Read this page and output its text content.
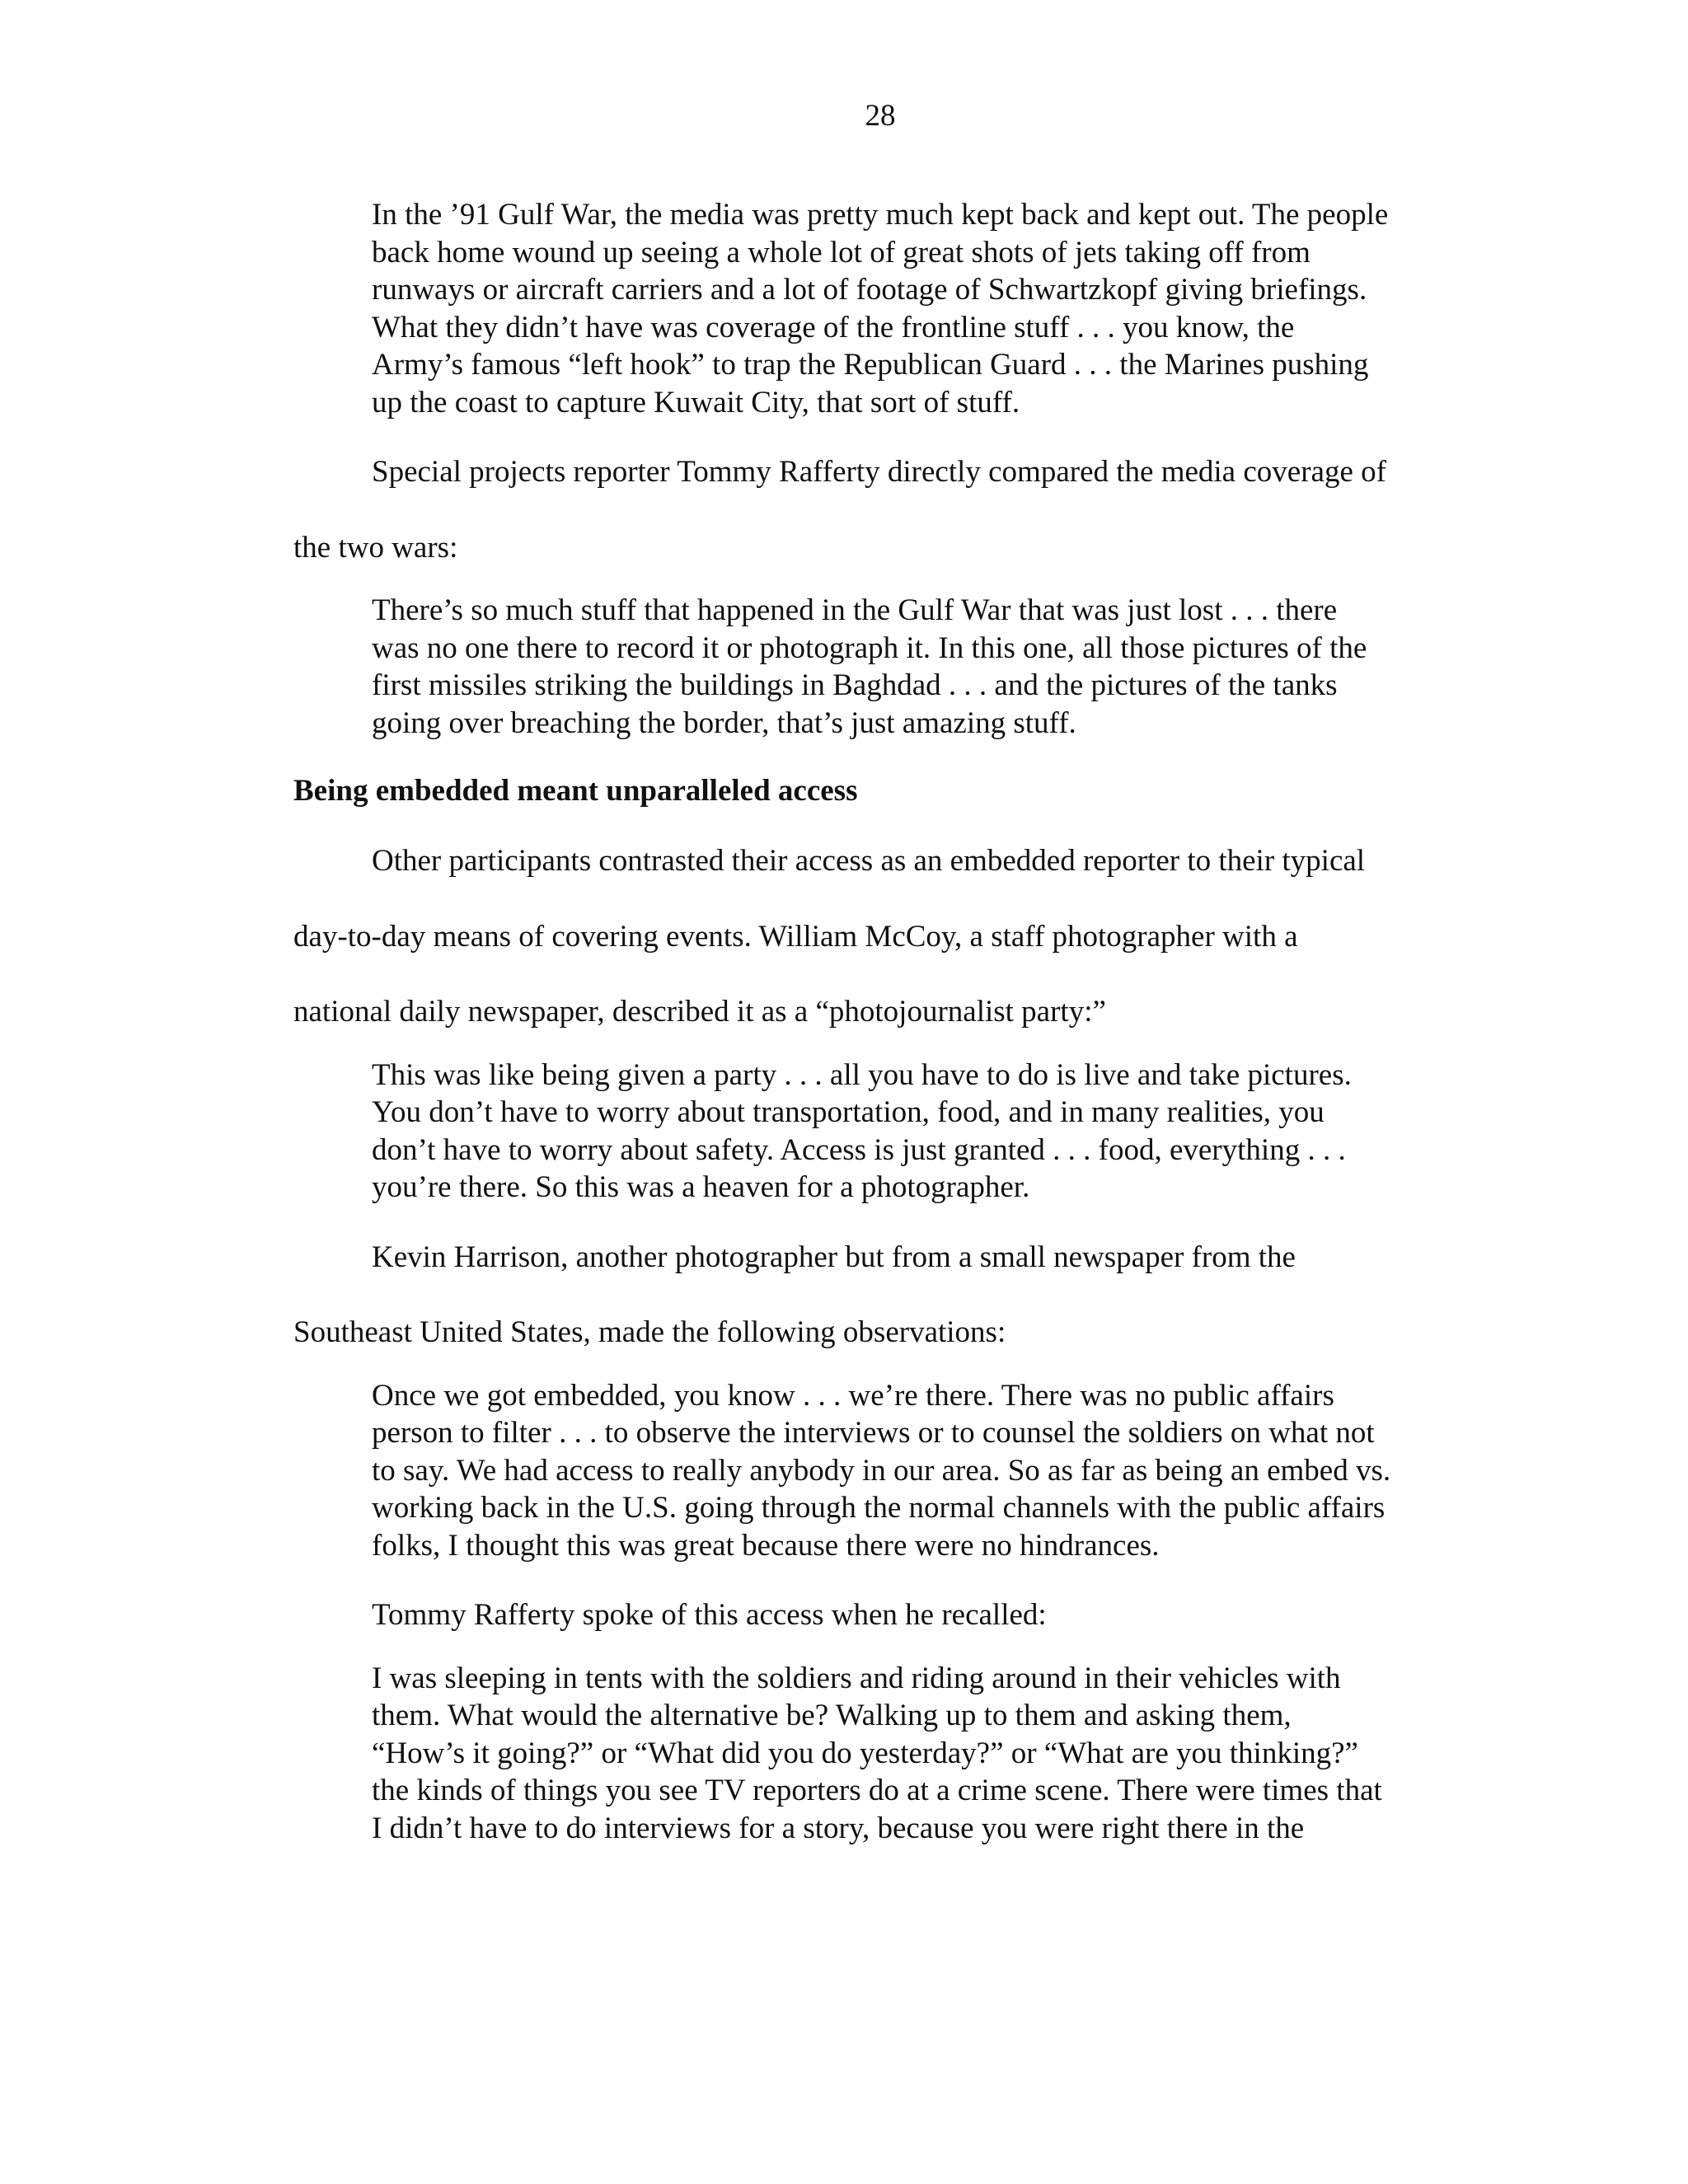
28
In the ’91 Gulf War, the media was pretty much kept back and kept out. The people
back home wound up seeing a whole lot of great shots of jets taking off from
runways or aircraft carriers and a lot of footage of Schwartzkopf giving briefings.
What they didn’t have was coverage of the frontline stuff . . . you know, the
Army’s famous “left hook” to trap the Republican Guard . . . the Marines pushing
up the coast to capture Kuwait City, that sort of stuff.
Special projects reporter Tommy Rafferty directly compared the media coverage of
the two wars:
There’s so much stuff that happened in the Gulf War that was just lost . . . there
was no one there to record it or photograph it. In this one, all those pictures of the
first missiles striking the buildings in Baghdad . . . and the pictures of the tanks
going over breaching the border, that’s just amazing stuff.
Being embedded meant unparalleled access
Other participants contrasted their access as an embedded reporter to their typical
day-to-day means of covering events. William McCoy, a staff photographer with a
national daily newspaper, described it as a “photojournalist party:”
This was like being given a party . . . all you have to do is live and take pictures.
You don’t have to worry about transportation, food, and in many realities, you
don’t have to worry about safety. Access is just granted . . . food, everything . . .
you’re there. So this was a heaven for a photographer.
Kevin Harrison, another photographer but from a small newspaper from the
Southeast United States, made the following observations:
Once we got embedded, you know . . . we’re there. There was no public affairs
person to filter . . . to observe the interviews or to counsel the soldiers on what not
to say. We had access to really anybody in our area. So as far as being an embed vs.
working back in the U.S. going through the normal channels with the public affairs
folks, I thought this was great because there were no hindrances.
Tommy Rafferty spoke of this access when he recalled:
I was sleeping in tents with the soldiers and riding around in their vehicles with
them. What would the alternative be? Walking up to them and asking them,
“How’s it going?” or “What did you do yesterday?” or “What are you thinking?”
the kinds of things you see TV reporters do at a crime scene. There were times that
I didn’t have to do interviews for a story, because you were right there in the
